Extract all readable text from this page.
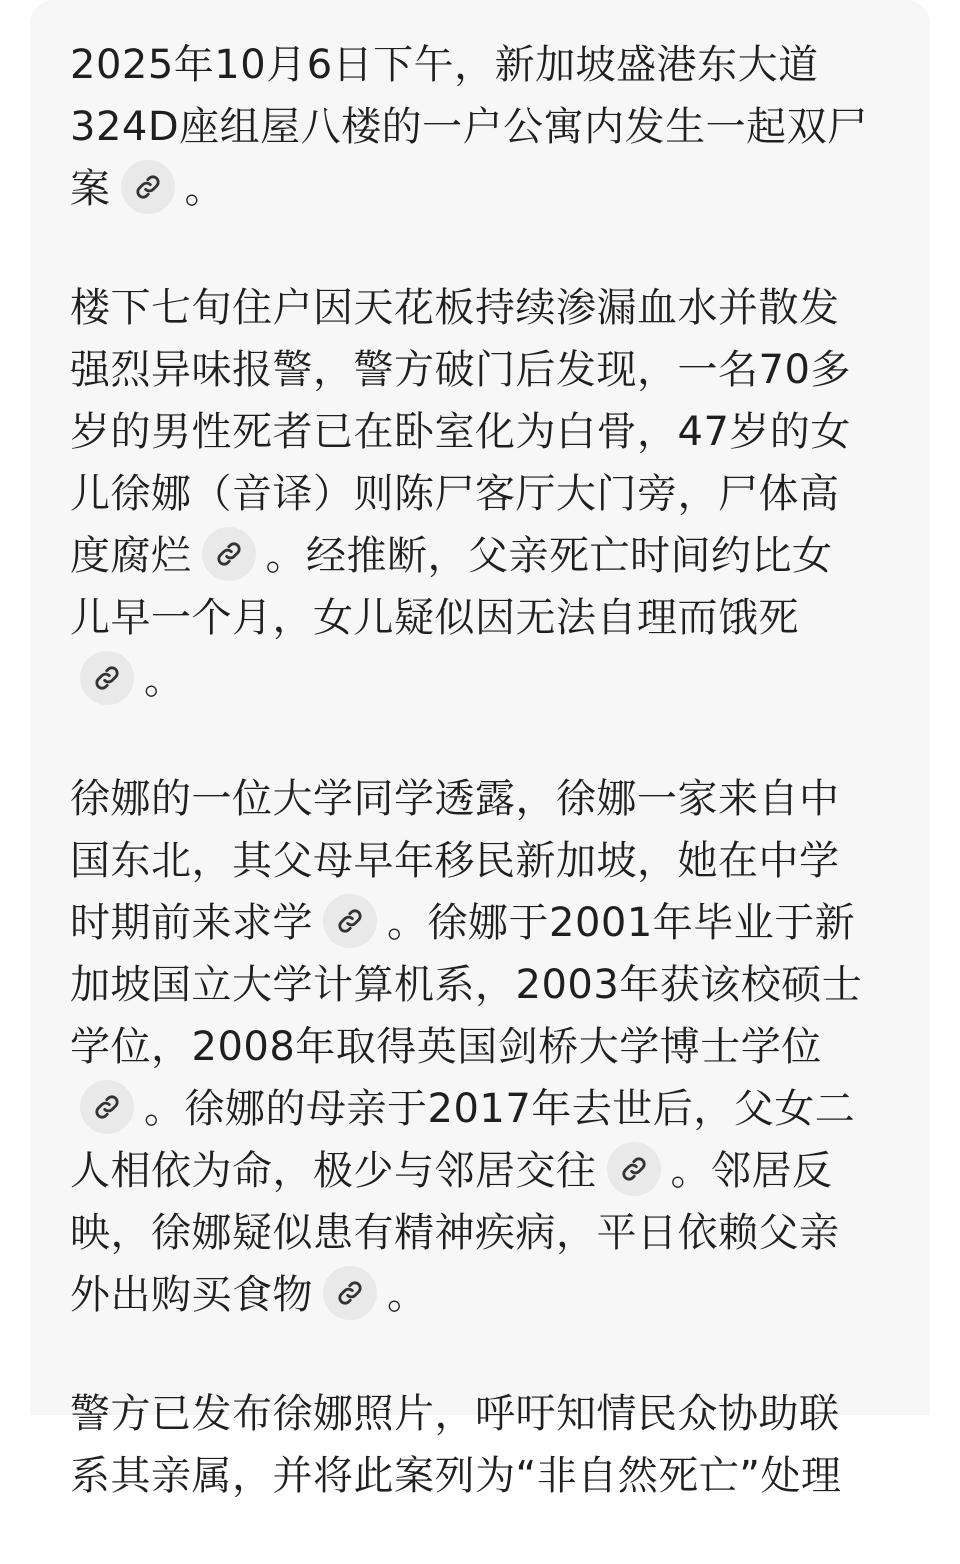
2025年10月6日下午，新加坡盛港东大道
324D座组屋八楼的一户公寓内发生一起双尸
案 。
楼下七旬住户因天花板持续渗漏血水并散发
强烈异味报警，警方破门后发现，一名70多
岁的男性死者已在卧室化为白骨，47岁的女
儿徐娜（音译）则陈尸客厅大门旁，尸体高
度腐烂 。经推断，父亲死亡时间约比女
儿早一个月，女儿疑似因无法自理而饿死
。
徐娜的一位大学同学透露，徐娜一家来自中
国东北，其父母早年移民新加坡，她在中学
时期前来求学 。徐娜于2001年毕业于新
加坡国立大学计算机系，2003年获该校硕士
学位，2008年取得英国剑桥大学博士学位
。徐娜的母亲于2017年去世后，父女二
人相依为命，极少与邻居交往 。邻居反
映，徐娜疑似患有精神疾病，平日依赖父亲
外出购买食物 。
警方已发布徐娜照片，呼吁知情民众协助联
系其亲属，并将此案列为“非自然死亡”处理
